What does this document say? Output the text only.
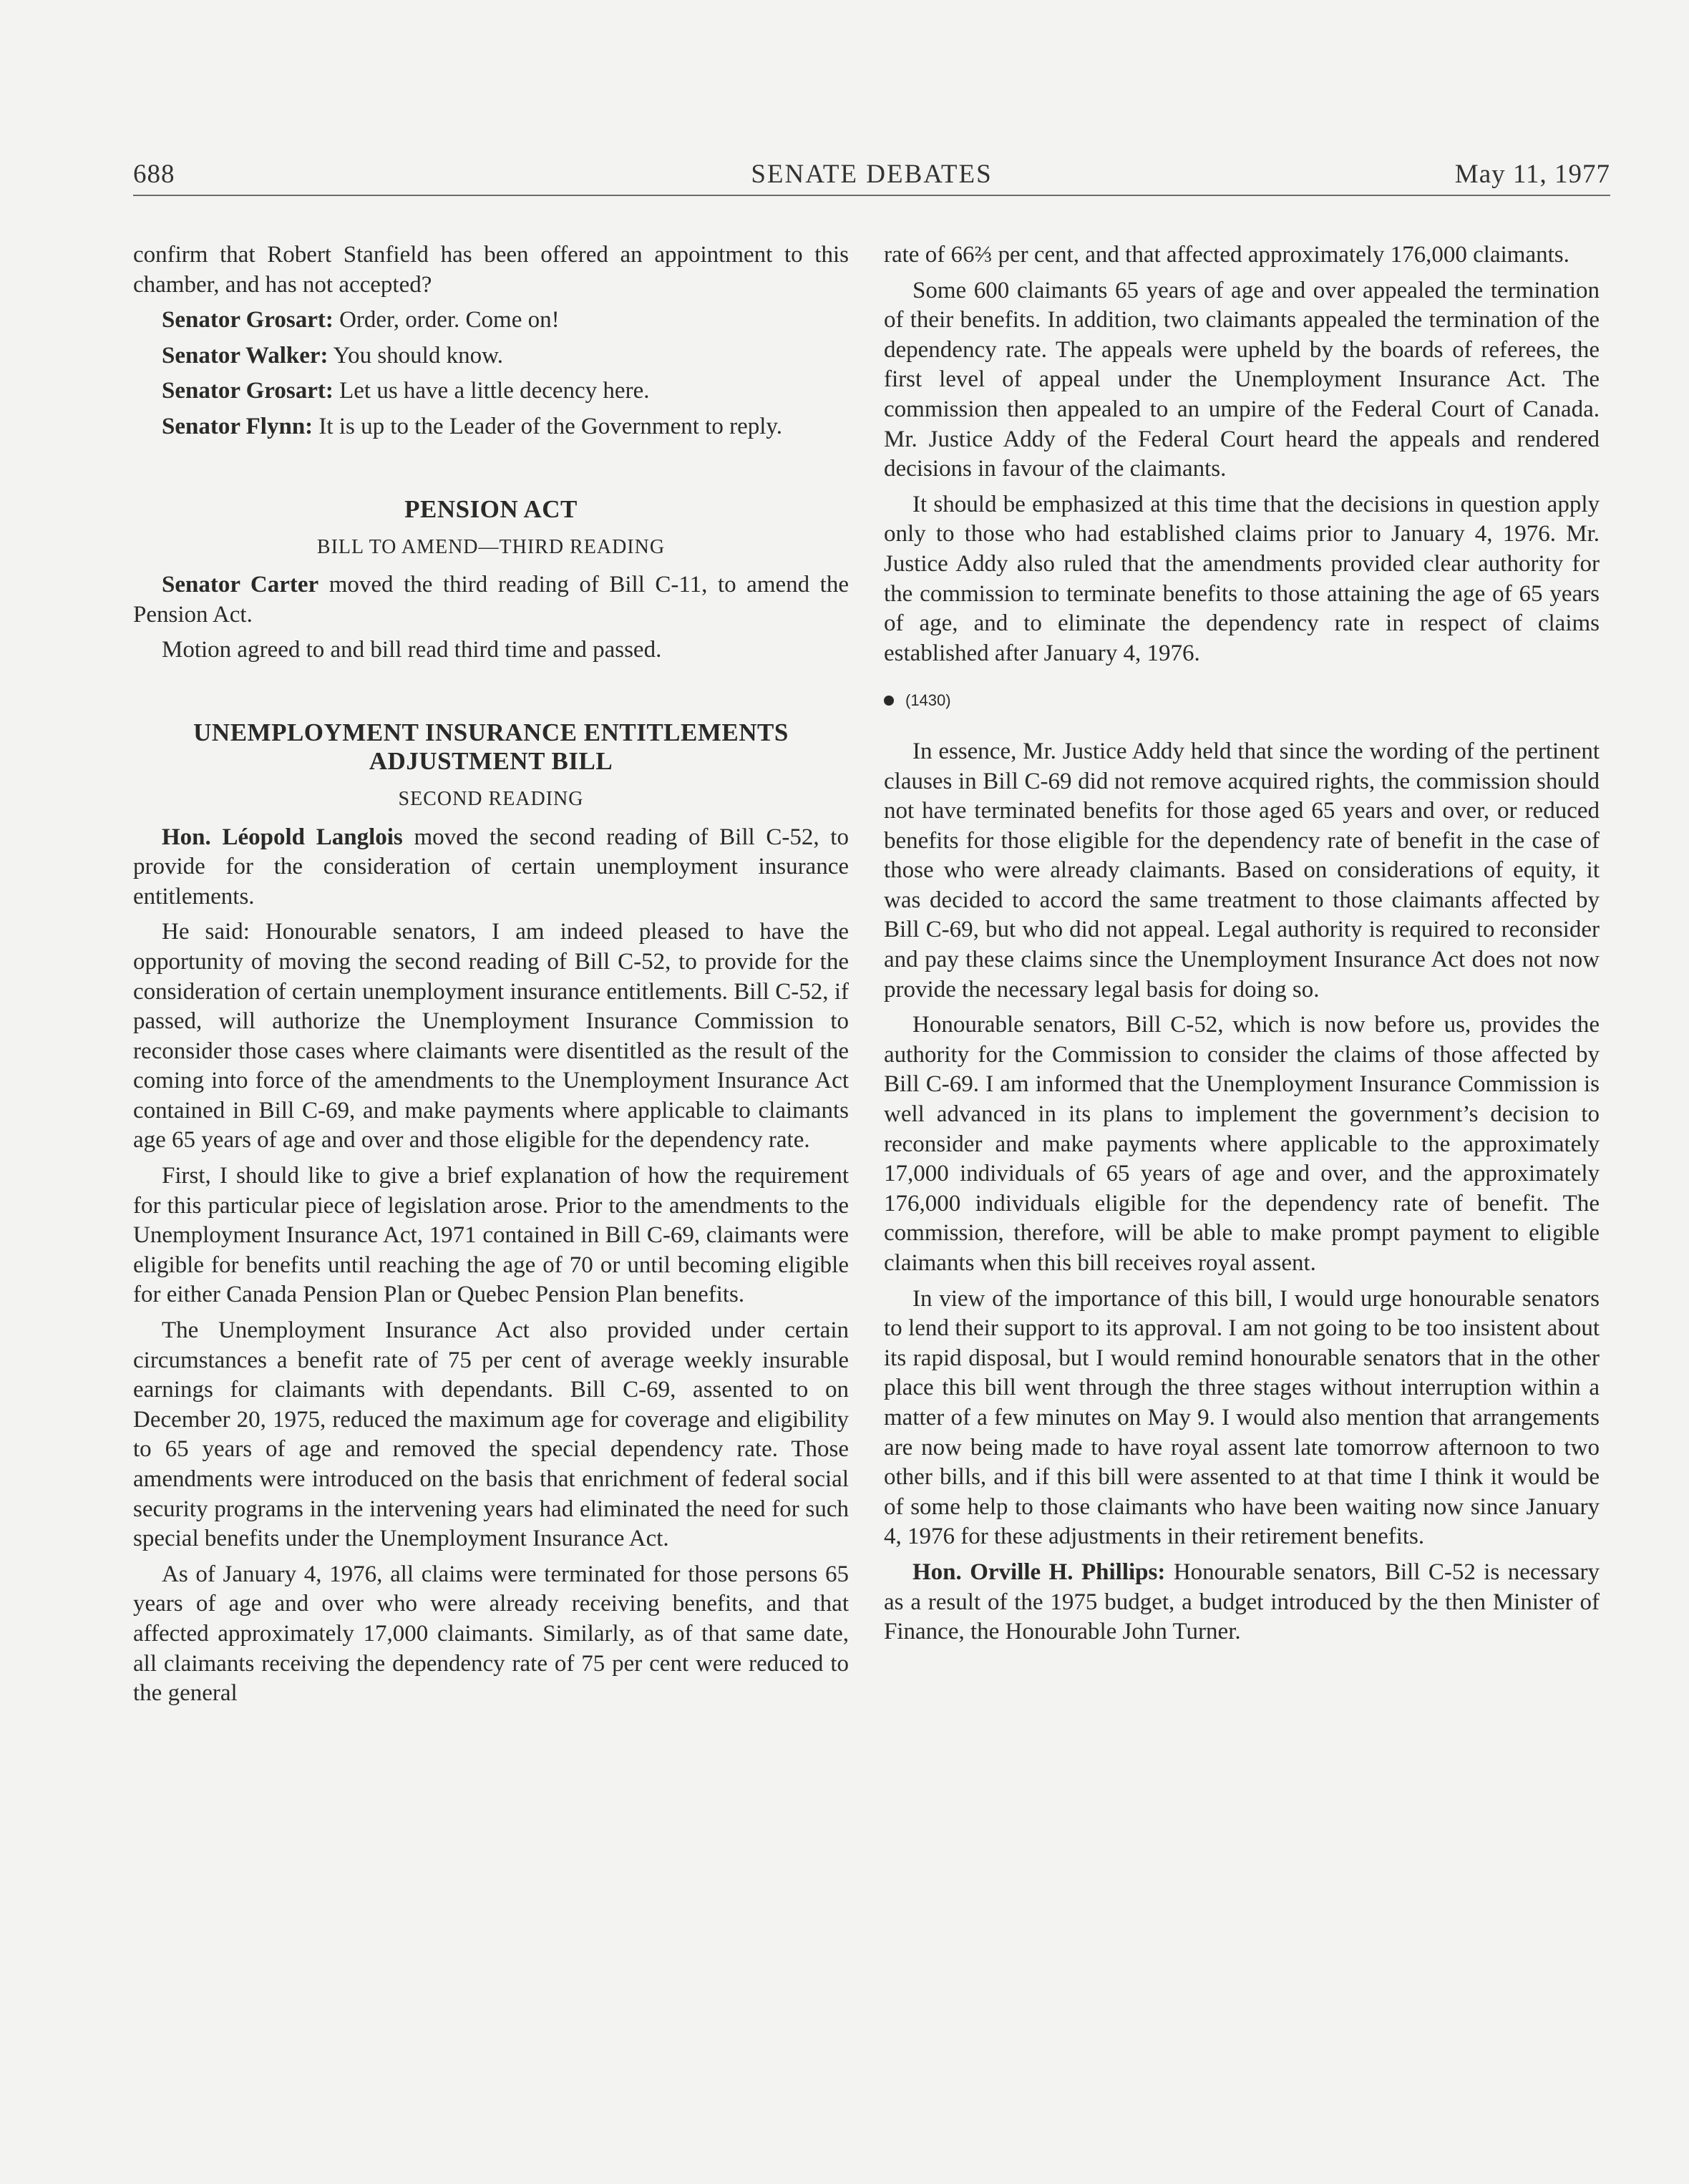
688	SENATE DEBATES	May 11, 1977

confirm that Robert Stanfield has been offered an appointment to this chamber, and has not accepted?

Senator Grosart: Order, order. Come on!

Senator Walker: You should know.

Senator Grosart: Let us have a little decency here.

Senator Flynn: It is up to the Leader of the Government to reply.

PENSION ACT
BILL TO AMEND—THIRD READING

Senator Carter moved the third reading of Bill C-11, to amend the Pension Act.

Motion agreed to and bill read third time and passed.

UNEMPLOYMENT INSURANCE ENTITLEMENTS ADJUSTMENT BILL
SECOND READING

Hon. Léopold Langlois moved the second reading of Bill C-52, to provide for the consideration of certain unemployment insurance entitlements.

He said: Honourable senators, I am indeed pleased to have the opportunity of moving the second reading of Bill C-52, to provide for the consideration of certain unemployment insurance entitlements. Bill C-52, if passed, will authorize the Unemployment Insurance Commission to reconsider those cases where claimants were disentitled as the result of the coming into force of the amendments to the Unemployment Insurance Act contained in Bill C-69, and make payments where applicable to claimants age 65 years of age and over and those eligible for the dependency rate.

First, I should like to give a brief explanation of how the requirement for this particular piece of legislation arose. Prior to the amendments to the Unemployment Insurance Act, 1971 contained in Bill C-69, claimants were eligible for benefits until reaching the age of 70 or until becoming eligible for either Canada Pension Plan or Quebec Pension Plan benefits.

The Unemployment Insurance Act also provided under certain circumstances a benefit rate of 75 per cent of average weekly insurable earnings for claimants with dependants. Bill C-69, assented to on December 20, 1975, reduced the maximum age for coverage and eligibility to 65 years of age and removed the special dependency rate. Those amendments were introduced on the basis that enrichment of federal social security programs in the intervening years had eliminated the need for such special benefits under the Unemployment Insurance Act.

As of January 4, 1976, all claims were terminated for those persons 65 years of age and over who were already receiving benefits, and that affected approximately 17,000 claimants. Similarly, as of that same date, all claimants receiving the dependency rate of 75 per cent were reduced to the general

rate of 66⅔ per cent, and that affected approximately 176,000 claimants.

Some 600 claimants 65 years of age and over appealed the termination of their benefits. In addition, two claimants appealed the termination of the dependency rate. The appeals were upheld by the boards of referees, the first level of appeal under the Unemployment Insurance Act. The commission then appealed to an umpire of the Federal Court of Canada. Mr. Justice Addy of the Federal Court heard the appeals and rendered decisions in favour of the claimants.

It should be emphasized at this time that the decisions in question apply only to those who had established claims prior to January 4, 1976. Mr. Justice Addy also ruled that the amendments provided clear authority for the commission to terminate benefits to those attaining the age of 65 years of age, and to eliminate the dependency rate in respect of claims established after January 4, 1976.

(1430)

In essence, Mr. Justice Addy held that since the wording of the pertinent clauses in Bill C-69 did not remove acquired rights, the commission should not have terminated benefits for those aged 65 years and over, or reduced benefits for those eligible for the dependency rate of benefit in the case of those who were already claimants. Based on considerations of equity, it was decided to accord the same treatment to those claimants affected by Bill C-69, but who did not appeal. Legal authority is required to reconsider and pay these claims since the Unemployment Insurance Act does not now provide the necessary legal basis for doing so.

Honourable senators, Bill C-52, which is now before us, provides the authority for the Commission to consider the claims of those affected by Bill C-69. I am informed that the Unemployment Insurance Commission is well advanced in its plans to implement the government’s decision to reconsider and make payments where applicable to the approximately 17,000 individuals of 65 years of age and over, and the approximately 176,000 individuals eligible for the dependency rate of benefit. The commission, therefore, will be able to make prompt payment to eligible claimants when this bill receives royal assent.

In view of the importance of this bill, I would urge honourable senators to lend their support to its approval. I am not going to be too insistent about its rapid disposal, but I would remind honourable senators that in the other place this bill went through the three stages without interruption within a matter of a few minutes on May 9. I would also mention that arrangements are now being made to have royal assent late tomorrow afternoon to two other bills, and if this bill were assented to at that time I think it would be of some help to those claimants who have been waiting now since January 4, 1976 for these adjustments in their retirement benefits.

Hon. Orville H. Phillips: Honourable senators, Bill C-52 is necessary as a result of the 1975 budget, a budget introduced by the then Minister of Finance, the Honourable John Turner.
